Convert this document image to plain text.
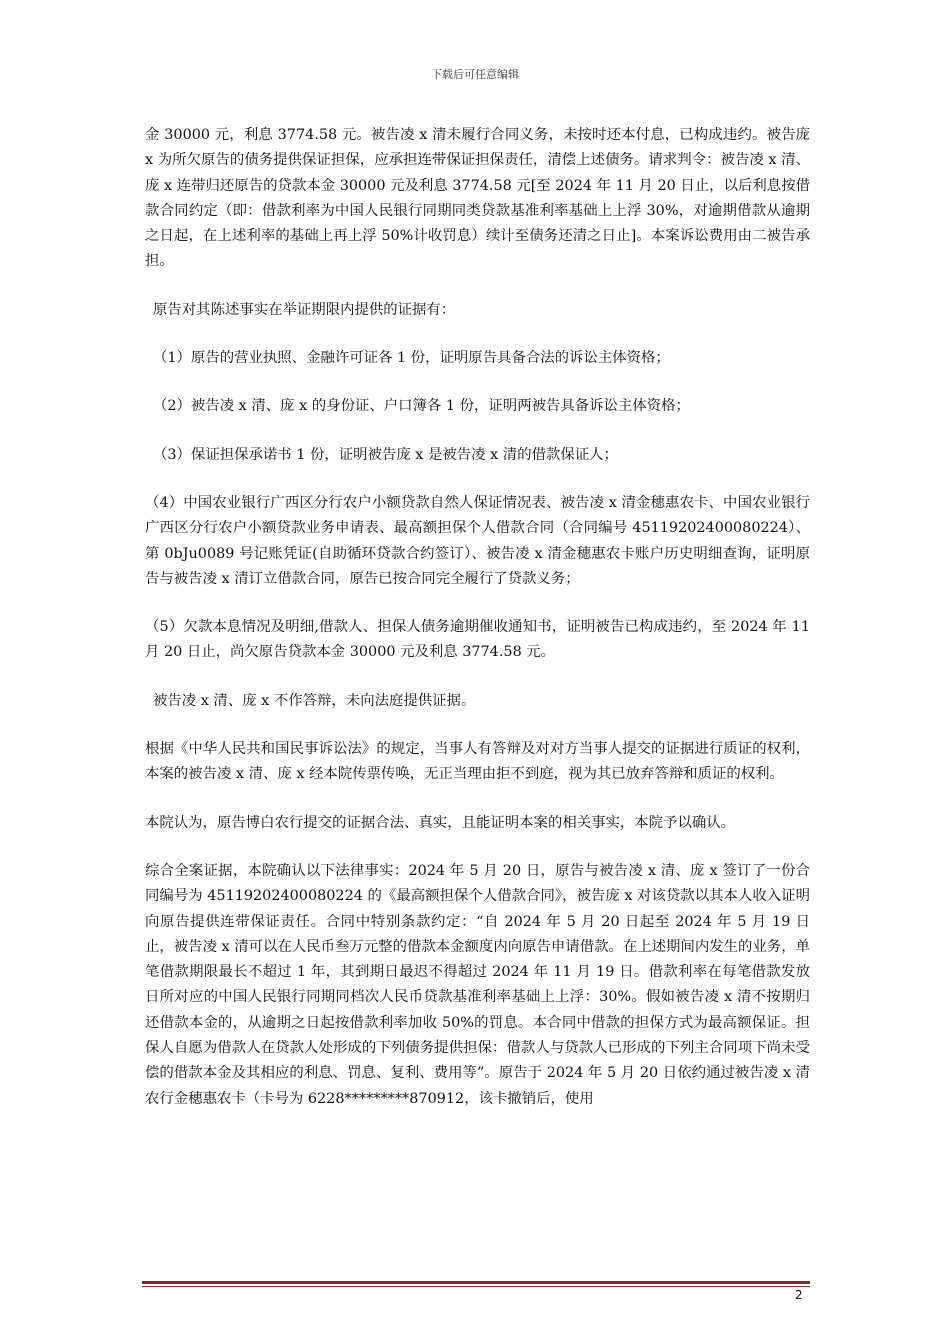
下载后可任意编辑

金 30000 元，利息 3774.58 元。被告凌 x 清未履行合同义务，未按时还本付息，已构成违约。被告庞 x 为所欠原告的债务提供保证担保，应承担连带保证担保责任，清偿上述债务。请求判令：被告凌 x 清、庞 x 连带归还原告的贷款本金 30000 元及利息 3774.58 元[至 2024 年 11 月 20 日止，以后利息按借款合同约定（即：借款利率为中国人民银行同期同类贷款基准利率基础上上浮 30%，对逾期借款从逾期之日起，在上述利率的基础上再上浮 50%计收罚息）续计至债务还清之日止]。本案诉讼费用由二被告承担。

原告对其陈述事实在举证期限内提供的证据有：

（1）原告的营业执照、金融许可证各 1 份，证明原告具备合法的诉讼主体资格；

（2）被告凌 x 清、庞 x 的身份证、户口簿各 1 份，证明两被告具备诉讼主体资格；

（3）保证担保承诺书 1 份，证明被告庞 x 是被告凌 x 清的借款保证人；

（4）中国农业银行广西区分行农户小额贷款自然人保证情况表、被告凌 x 清金穗惠农卡、中国农业银行广西区分行农户小额贷款业务申请表、最高额担保个人借款合同（合同编号 45119202400080224）、第 0bJu0089 号记账凭证(自助循环贷款合约签订）、被告凌 x 清金穗惠农卡账户历史明细查询，证明原告与被告凌 x 清订立借款合同，原告已按合同完全履行了贷款义务；

（5）欠款本息情况及明细,借款人、担保人债务逾期催收通知书，证明被告已构成违约，至 2024 年 11 月 20 日止，尚欠原告贷款本金 30000 元及利息 3774.58 元。

被告凌 x 清、庞 x 不作答辩，未向法庭提供证据。

根据《中华人民共和国民事诉讼法》的规定，当事人有答辩及对对方当事人提交的证据进行质证的权利，本案的被告凌 x 清、庞 x 经本院传票传唤，无正当理由拒不到庭，视为其已放弃答辩和质证的权利。

本院认为，原告博白农行提交的证据合法、真实，且能证明本案的相关事实，本院予以确认。

综合全案证据，本院确认以下法律事实：2024 年 5 月 20 日，原告与被告凌 x 清、庞 x 签订了一份合同编号为 45119202400080224 的《最高额担保个人借款合同》，被告庞 x 对该贷款以其本人收入证明向原告提供连带保证责任。合同中特别条款约定：“自 2024 年 5 月 20 日起至 2024 年 5 月 19 日止，被告凌 x 清可以在人民币叁万元整的借款本金额度内向原告申请借款。在上述期间内发生的业务，单笔借款期限最长不超过 1 年，其到期日最迟不得超过 2024 年 11 月 19 日。借款利率在每笔借款发放日所对应的中国人民银行同期同档次人民币贷款基准利率基础上上浮：30%。假如被告凌 x 清不按期归还借款本金的，从逾期之日起按借款利率加收 50%的罚息。本合同中借款的担保方式为最高额保证。担保人自愿为借款人在贷款人处形成的下列债务提供担保：借款人与贷款人已形成的下列主合同项下尚未受偿的借款本金及其相应的利息、罚息、复利、费用等”。原告于 2024 年 5 月 20 日依约通过被告凌 x 清农行金穗惠农卡（卡号为 6228*********870912，该卡撤销后，使用

2
